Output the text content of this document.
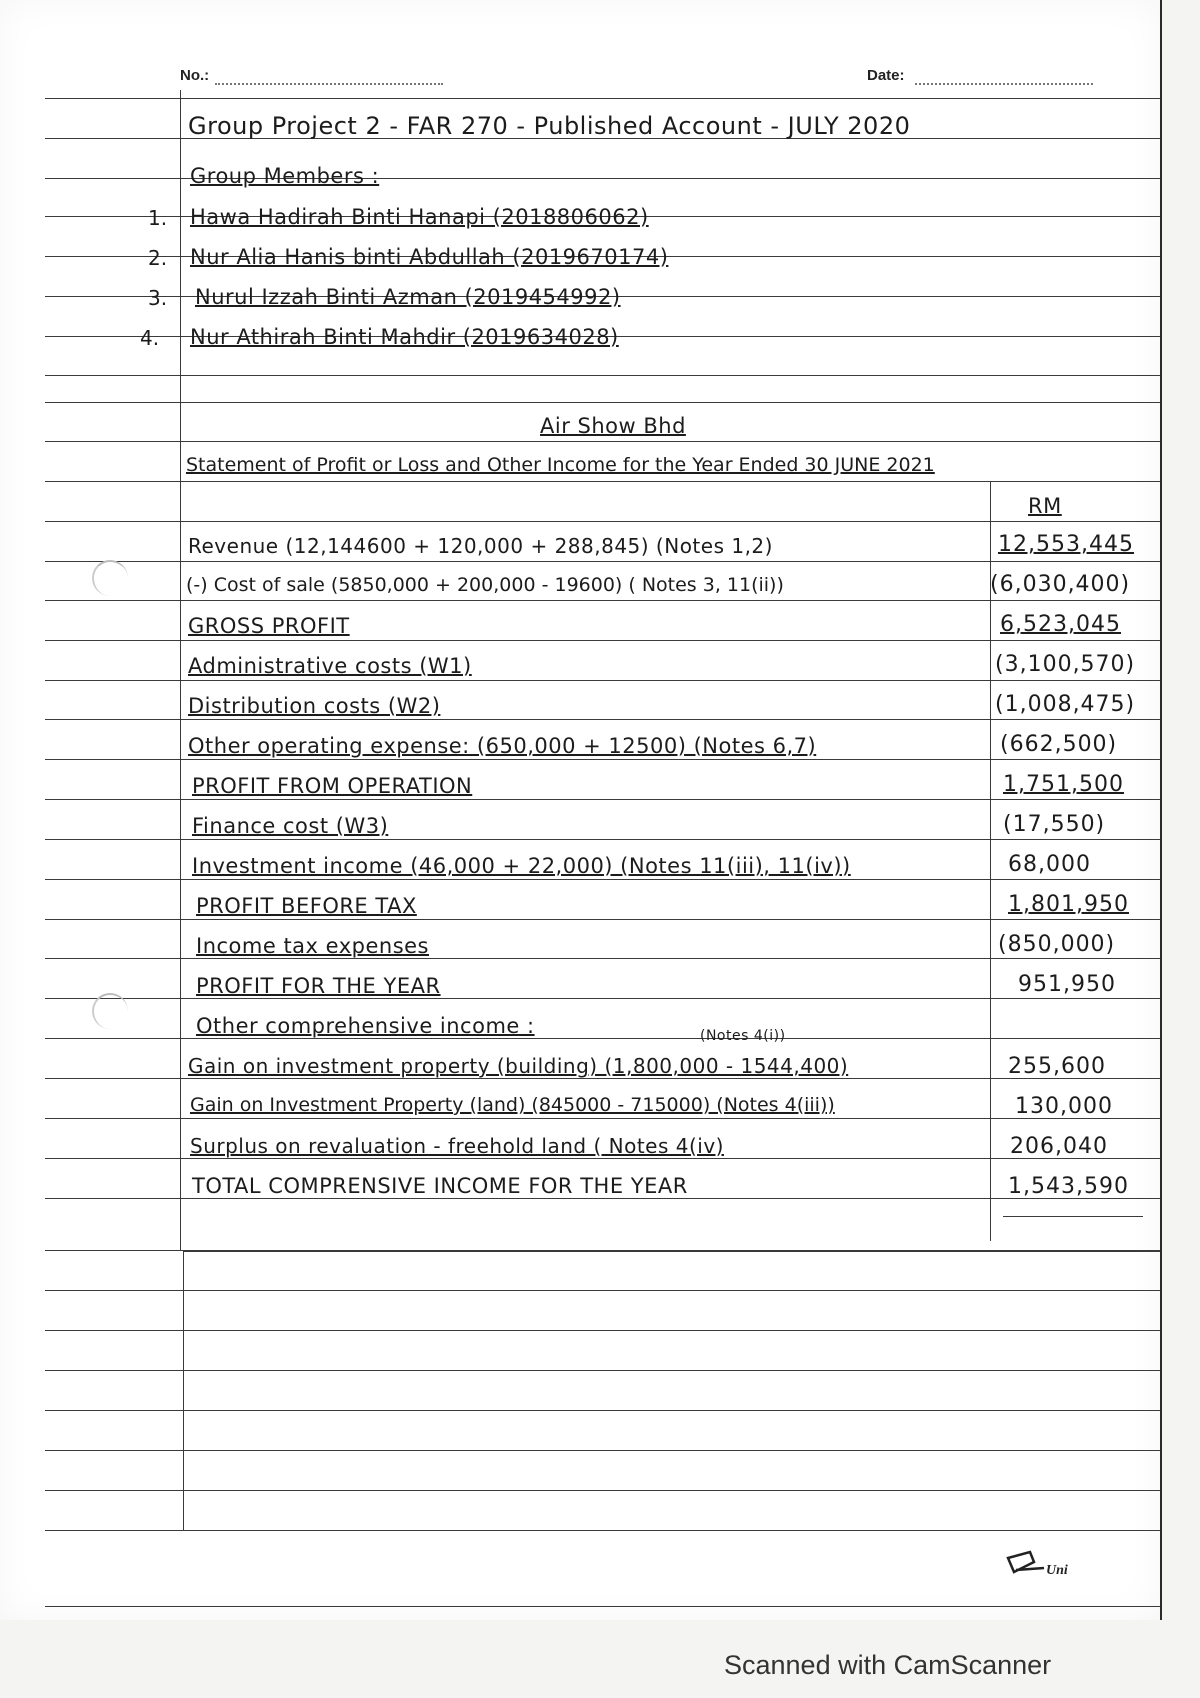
No.:	Date:
Group Project 2 - FAR 270 - Published Account - JULY 2020
Group Members :
1. Hawa Hadirah Binti Hanapi (2018806062)
2. Nur Alia Hanis binti Abdullah (2019670174)
3. Nurul Izzah Binti Azman (2019454992)
4. Nur Athirah Binti Mahdir (2019634028)
Air Show Bhd
Statement of Profit or Loss and Other Income for the Year Ended 30 JUNE 2021
RM
Revenue (12,144600 + 120,000 + 288,845) (Notes 1,2)	12,553,445
(-) Cost of sale (5850,000 + 200,000 - 19600) ( Notes 3, 11(ii))	(6,030,400)
GROSS PROFIT	6,523,045
Administrative costs (W1)	(3,100,570)
Distribution costs (W2)	(1,008,475)
Other operating expense: (650,000 + 12500) (Notes 6,7)	(662,500)
PROFIT FROM OPERATION	1,751,500
Finance cost (W3)	(17,550)
Investment income (46,000 + 22,000) (Notes 11(iii), 11(iv))	68,000
PROFIT BEFORE TAX	1,801,950
Income tax expenses	(850,000)
PROFIT FOR THE YEAR	951,950
Other comprehensive income :	(Notes 4(i))
Gain on investment property (building) (1,800,000 - 1544,400)	255,600
Gain on Investment Property (land) (845000 - 715000) (Notes 4(iii))	130,000
Surplus on revaluation - freehold land ( Notes 4(iv)	206,040
TOTAL COMPRENSIVE INCOME FOR THE YEAR	1,543,590
Uni
Scanned with CamScanner
